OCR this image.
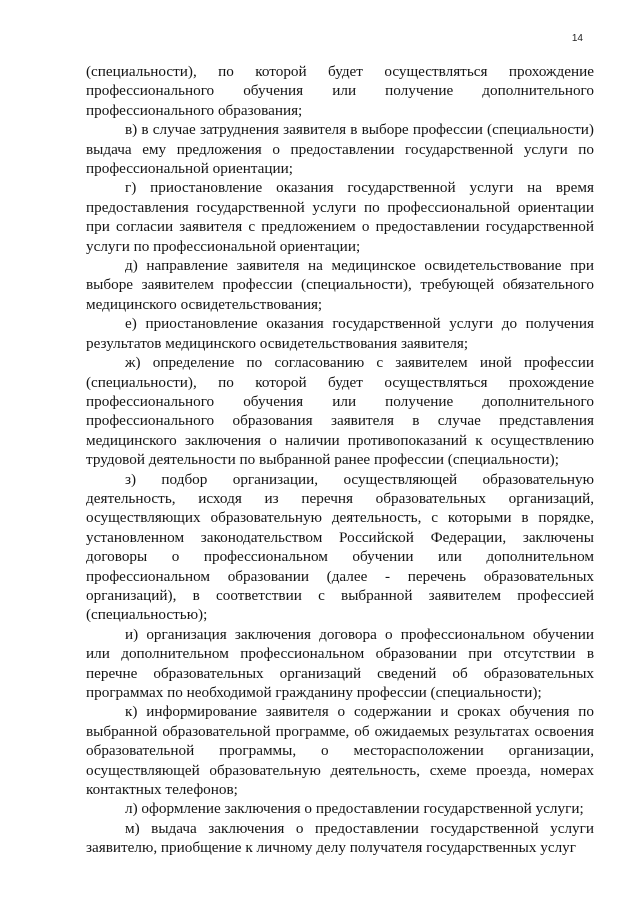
14

(специальности), по которой будет осуществляться прохождение профессионального обучения или получение дополнительного профессионального образования;

в) в случае затруднения заявителя в выборе профессии (специальности) выдача ему предложения о предоставлении государственной услуги по профессиональной ориентации;

г) приостановление оказания государственной услуги на время предоставления государственной услуги по профессиональной ориентации при согласии заявителя с предложением о предоставлении государственной услуги по профессиональной ориентации;

д) направление заявителя на медицинское освидетельствование при выборе заявителем профессии (специальности), требующей обязательного медицинского освидетельствования;

е) приостановление оказания государственной услуги до получения результатов медицинского освидетельствования заявителя;

ж) определение по согласованию с заявителем иной профессии (специальности), по которой будет осуществляться прохождение профессионального обучения или получение дополнительного профессионального образования заявителя в случае представления медицинского заключения о наличии противопоказаний к осуществлению трудовой деятельности по выбранной ранее профессии (специальности);

з) подбор организации, осуществляющей образовательную деятельность, исходя из перечня образовательных организаций, осуществляющих образовательную деятельность, с которыми в порядке, установленном законодательством Российской Федерации, заключены договоры о профессиональном обучении или дополнительном профессиональном образовании (далее - перечень образовательных организаций), в соответствии с выбранной заявителем профессией (специальностью);

и) организация заключения договора о профессиональном обучении или дополнительном профессиональном образовании при отсутствии в перечне образовательных организаций сведений об образовательных программах по необходимой гражданину профессии (специальности);

к) информирование заявителя о содержании и сроках обучения по выбранной образовательной программе, об ожидаемых результатах освоения образовательной программы, о месторасположении организации, осуществляющей образовательную деятельность, схеме проезда, номерах контактных телефонов;

л) оформление заключения о предоставлении государственной услуги;

м) выдача заключения о предоставлении государственной услуги заявителю, приобщение к личному делу получателя государственных услуг
